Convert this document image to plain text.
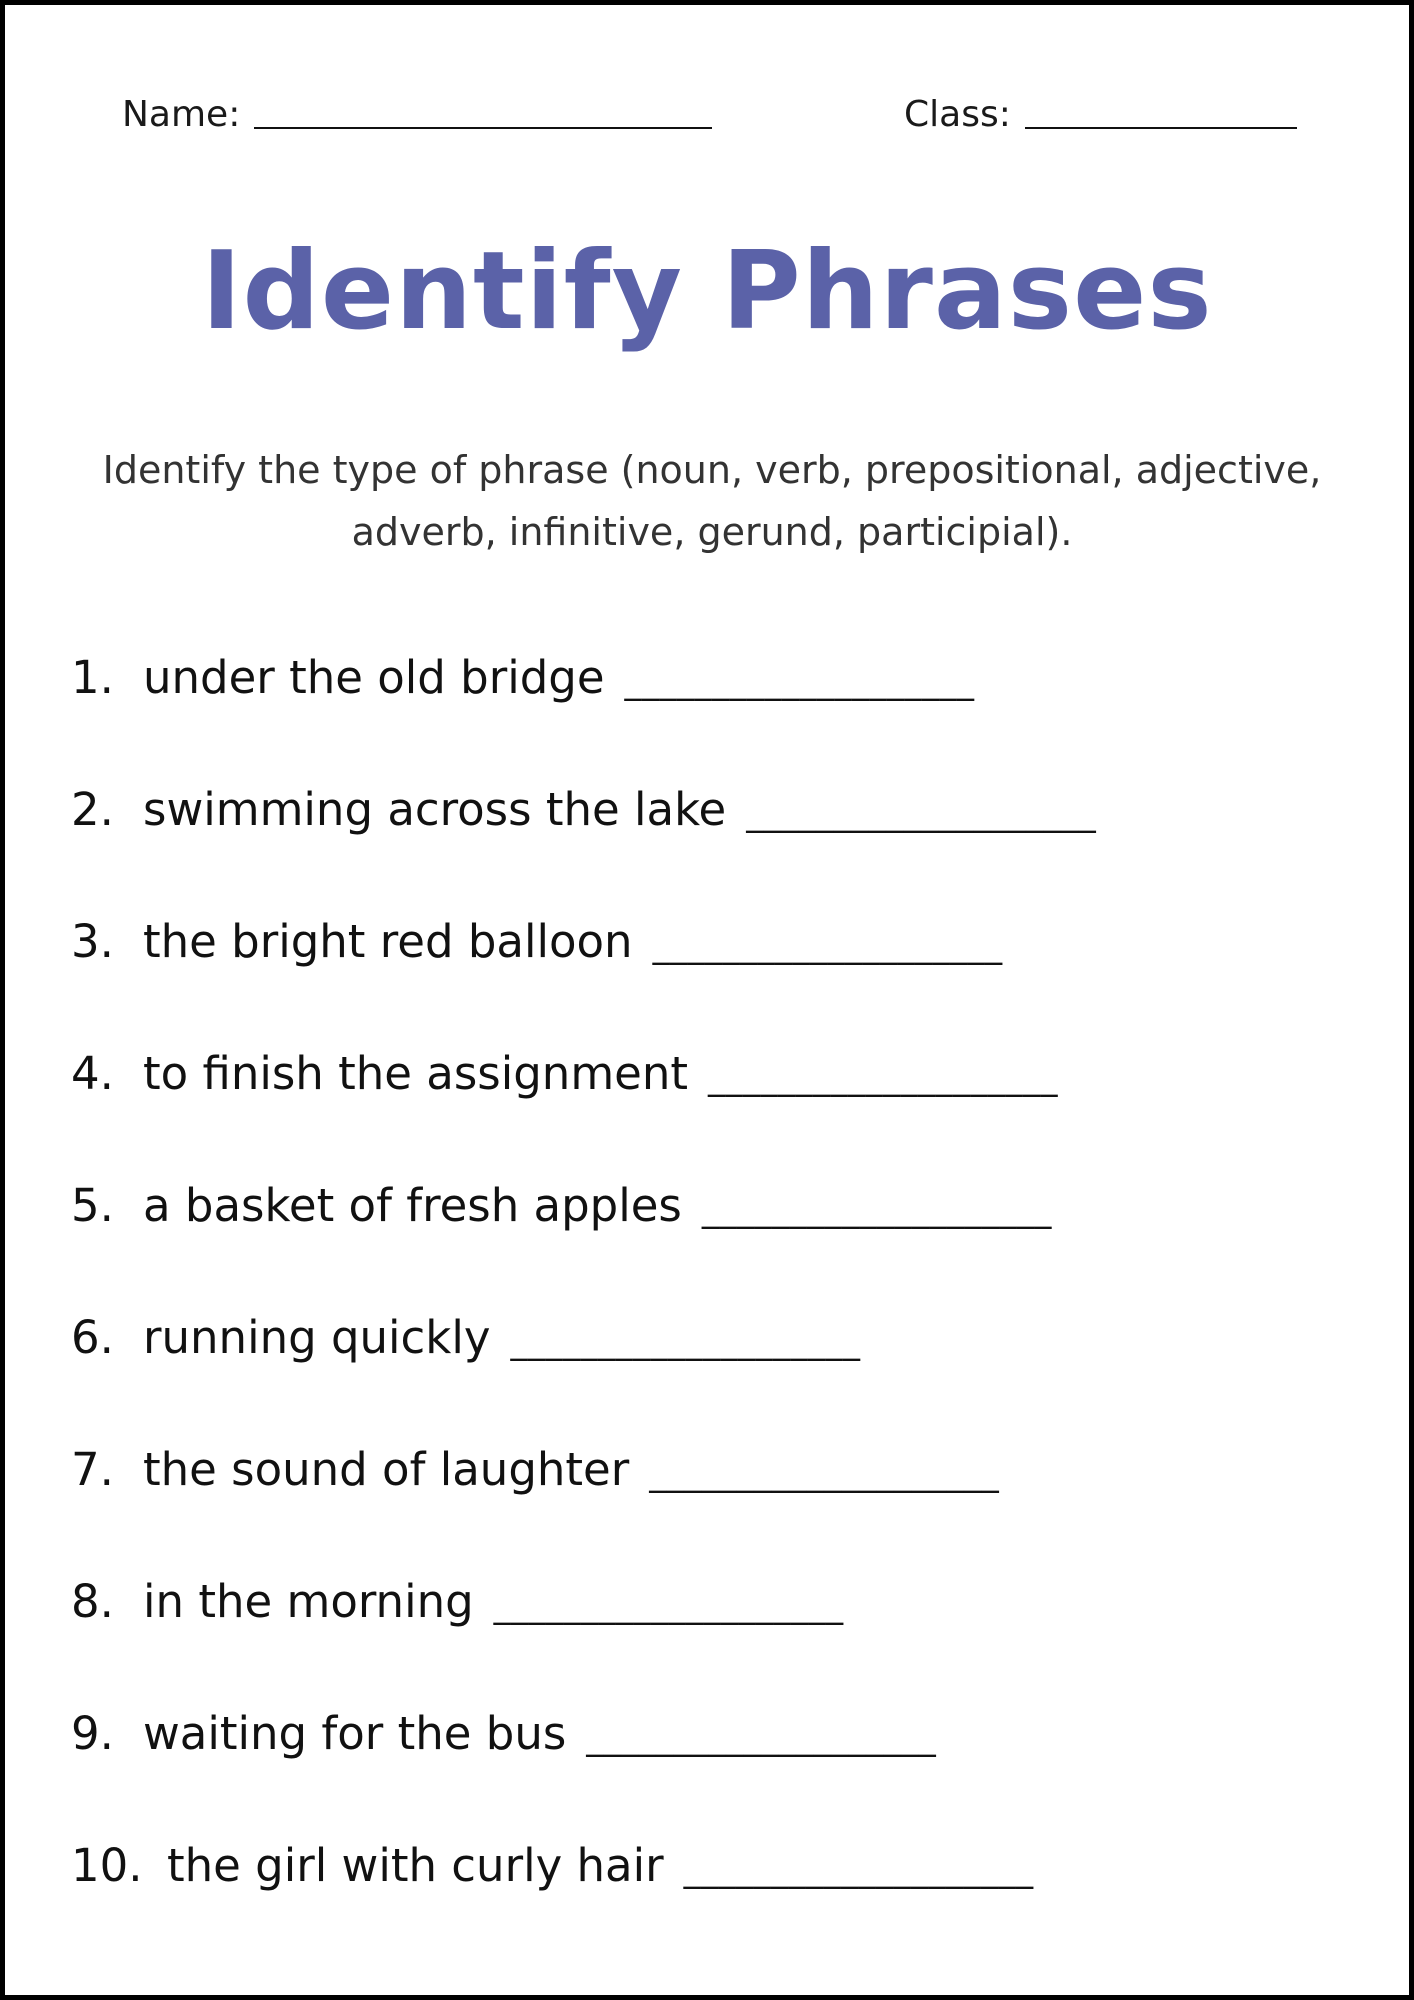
Name:	Class:
Identify Phrases
Identify the type of phrase (noun, verb, prepositional, adjective, adverb, infinitive, gerund, participial).
1. under the old bridge ____________________
2. swimming across the lake ____________________
3. the bright red balloon ____________________
4. to finish the assignment ____________________
5. a basket of fresh apples ____________________
6. running quickly ____________________
7. the sound of laughter ____________________
8. in the morning ____________________
9. waiting for the bus ____________________
10. the girl with curly hair ____________________
